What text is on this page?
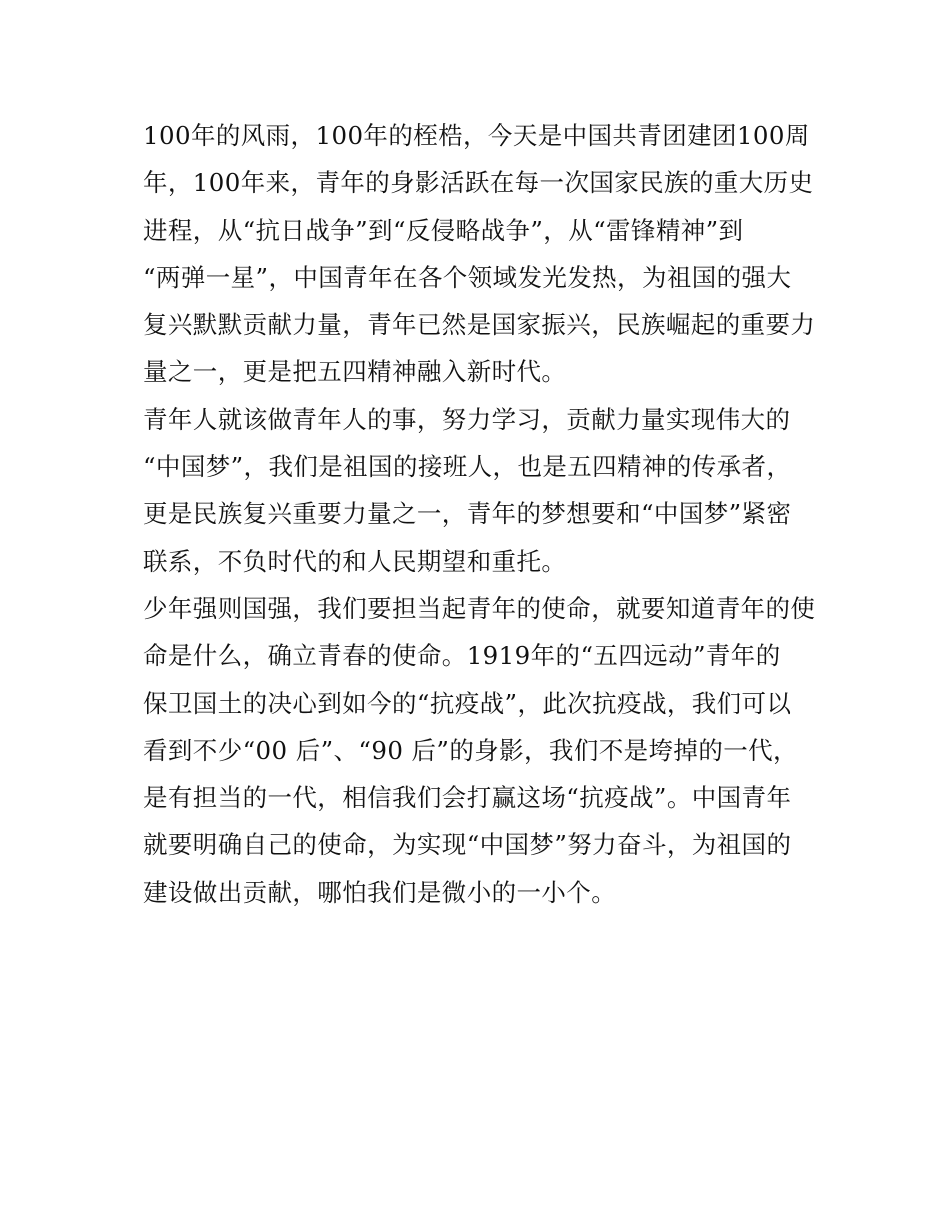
100年的风雨，100年的桎梏，今天是中国共青团建团100周
年，100年来，青年的身影活跃在每一次国家民族的重大历史
进程，从“抗日战争”到“反侵略战争”，从“雷锋精神”到
“两弹一星”，中国青年在各个领域发光发热，为祖国的强大
复兴默默贡献力量，青年已然是国家振兴，民族崛起的重要力
量之一，更是把五四精神融入新时代。
青年人就该做青年人的事，努力学习，贡献力量实现伟大的
“中国梦”，我们是祖国的接班人，也是五四精神的传承者，
更是民族复兴重要力量之一，青年的梦想要和“中国梦”紧密
联系，不负时代的和人民期望和重托。
少年强则国强，我们要担当起青年的使命，就要知道青年的使
命是什么，确立青春的使命。1919年的“五四远动”青年的
保卫国土的决心到如今的“抗疫战”，此次抗疫战，我们可以
看到不少“00 后”、“90 后”的身影，我们不是垮掉的一代，
是有担当的一代，相信我们会打赢这场“抗疫战”。中国青年
就要明确自己的使命，为实现“中国梦”努力奋斗，为祖国的
建设做出贡献，哪怕我们是微小的一小个。
